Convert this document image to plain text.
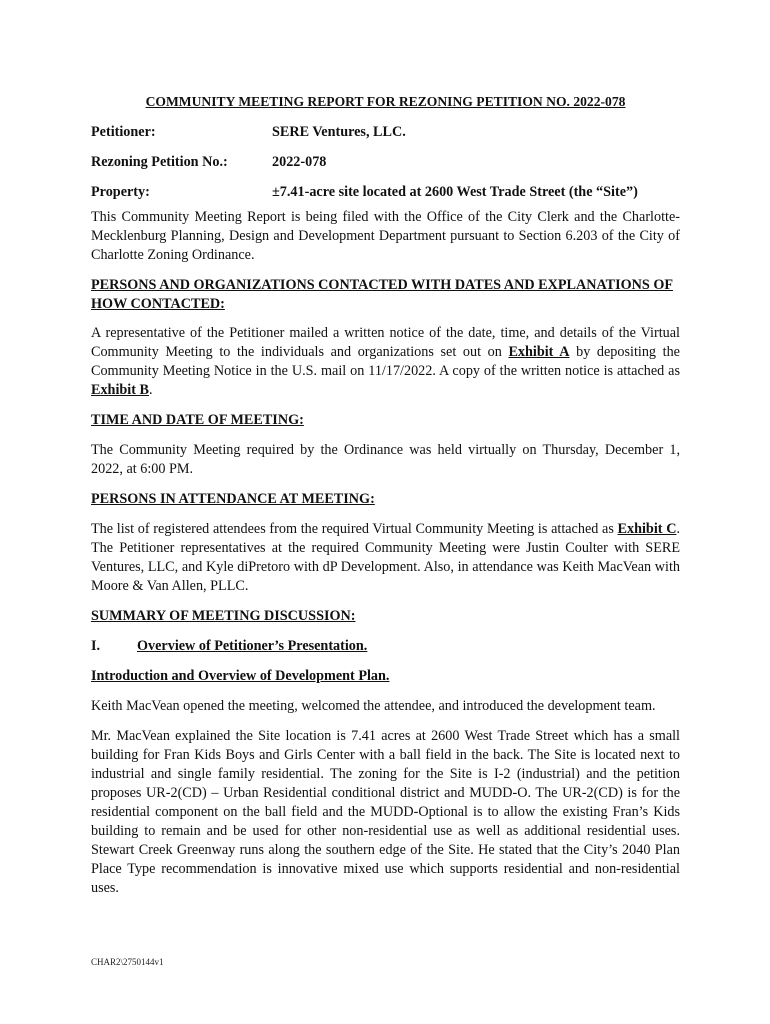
COMMUNITY MEETING REPORT FOR REZONING PETITION NO. 2022-078
Petitioner:	SERE Ventures, LLC.
Rezoning Petition No.:	2022-078
Property:	±7.41-acre site located at 2600 West Trade Street (the “Site”)

This Community Meeting Report is being filed with the Office of the City Clerk and the Charlotte-Mecklenburg Planning, Design and Development Department pursuant to Section 6.203 of the City of Charlotte Zoning Ordinance.

PERSONS AND ORGANIZATIONS CONTACTED WITH DATES AND EXPLANATIONS OF HOW CONTACTED:

A representative of the Petitioner mailed a written notice of the date, time, and details of the Virtual Community Meeting to the individuals and organizations set out on Exhibit A by depositing the Community Meeting Notice in the U.S. mail on 11/17/2022. A copy of the written notice is attached as Exhibit B.

TIME AND DATE OF MEETING:

The Community Meeting required by the Ordinance was held virtually on Thursday, December 1, 2022, at 6:00 PM.

PERSONS IN ATTENDANCE AT MEETING:

The list of registered attendees from the required Virtual Community Meeting is attached as Exhibit C. The Petitioner representatives at the required Community Meeting were Justin Coulter with SERE Ventures, LLC, and Kyle diPretoro with dP Development. Also, in attendance was Keith MacVean with Moore & Van Allen, PLLC.

SUMMARY OF MEETING DISCUSSION:
I.	Overview of Petitioner’s Presentation.
Introduction and Overview of Development Plan.

Keith MacVean opened the meeting, welcomed the attendee, and introduced the development team.

Mr. MacVean explained the Site location is 7.41 acres at 2600 West Trade Street which has a small building for Fran Kids Boys and Girls Center with a ball field in the back. The Site is located next to industrial and single family residential. The zoning for the Site is I-2 (industrial) and the petition proposes UR-2(CD) – Urban Residential conditional district and MUDD-O. The UR-2(CD) is for the residential component on the ball field and the MUDD-Optional is to allow the existing Fran’s Kids building to remain and be used for other non-residential use as well as additional residential uses. Stewart Creek Greenway runs along the southern edge of the Site. He stated that the City’s 2040 Plan Place Type recommendation is innovative mixed use which supports residential and non-residential uses.

CHAR2\2750144v1
